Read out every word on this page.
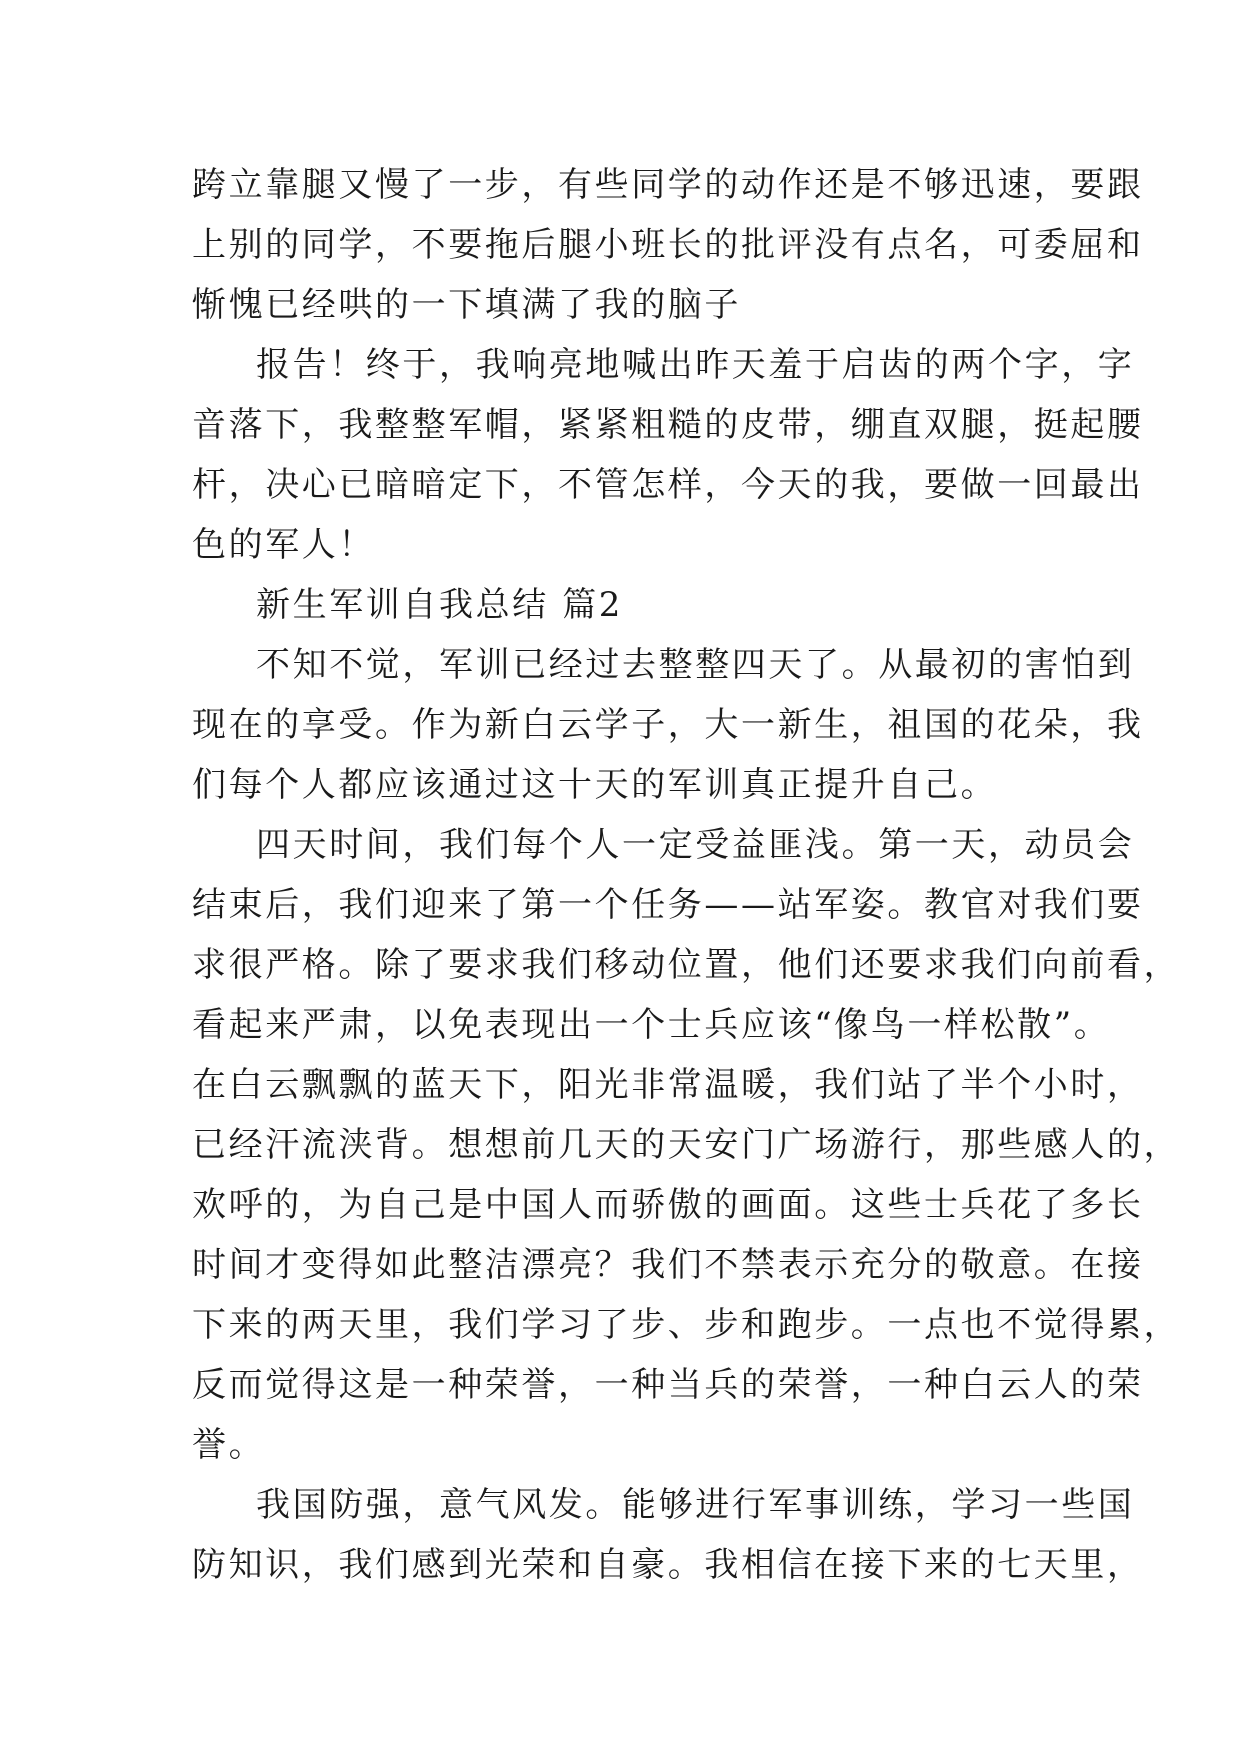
跨立靠腿又慢了一步，有些同学的动作还是不够迅速，要跟
上别的同学，不要拖后腿小班长的批评没有点名，可委屈和
惭愧已经哄的一下填满了我的脑子
报告！终于，我响亮地喊出昨天羞于启齿的两个字，字
音落下，我整整军帽，紧紧粗糙的皮带，绷直双腿，挺起腰
杆，决心已暗暗定下，不管怎样，今天的我，要做一回最出
色的军人！
新生军训自我总结 篇2
不知不觉，军训已经过去整整四天了。从最初的害怕到
现在的享受。作为新白云学子，大一新生，祖国的花朵，我
们每个人都应该通过这十天的军训真正提升自己。
四天时间，我们每个人一定受益匪浅。第一天，动员会
结束后，我们迎来了第一个任务——站军姿。教官对我们要
求很严格。除了要求我们移动位置，他们还要求我们向前看，
看起来严肃，以免表现出一个士兵应该“像鸟一样松散”。
在白云飘飘的蓝天下，阳光非常温暖，我们站了半个小时，
已经汗流浃背。想想前几天的天安门广场游行，那些感人的，
欢呼的，为自己是中国人而骄傲的画面。这些士兵花了多长
时间才变得如此整洁漂亮？我们不禁表示充分的敬意。在接
下来的两天里，我们学习了步、步和跑步。一点也不觉得累，
反而觉得这是一种荣誉，一种当兵的荣誉，一种白云人的荣
誉。
我国防强，意气风发。能够进行军事训练，学习一些国
防知识，我们感到光荣和自豪。我相信在接下来的七天里，
